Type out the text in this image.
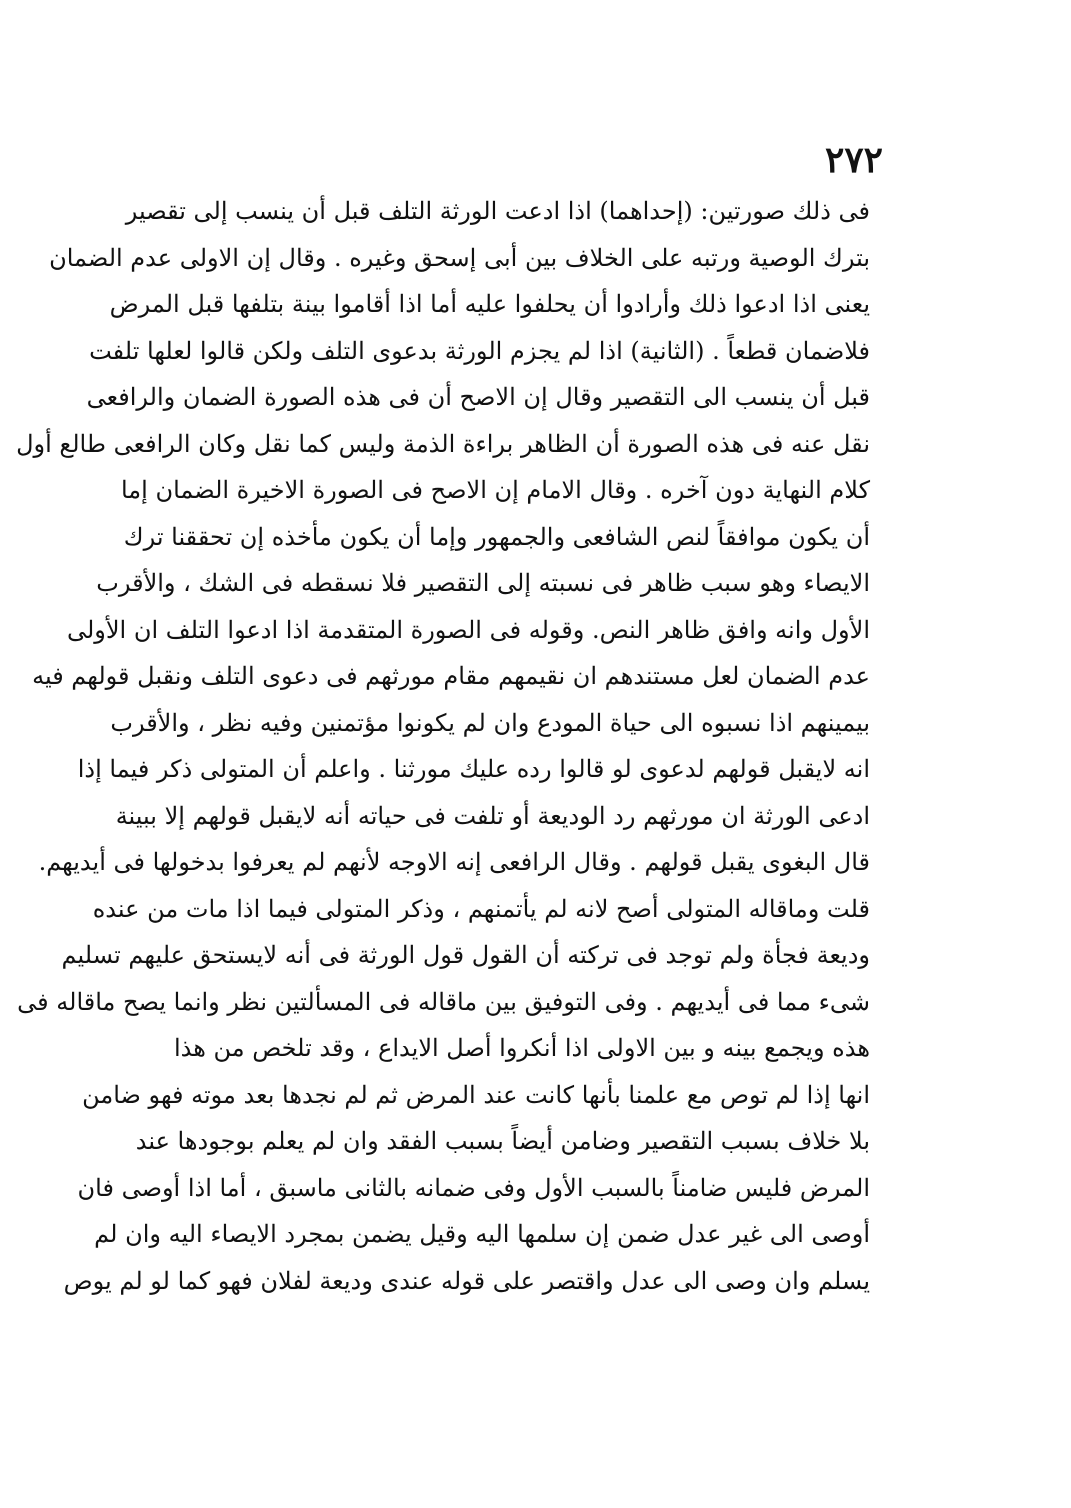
٢٧٢
فى ذلك صورتين: (إحداهما) اذا ادعت الورثة التلف قبل أن ينسب إلى تقصير
بترك الوصية ورتبه على الخلاف بين أبى إسحق وغيره . وقال إن الاولى عدم الضمان
يعنى اذا ادعوا ذلك وأرادوا أن يحلفوا عليه أما اذا أقاموا بينة بتلفها قبل المرض
فلاضمان قطعاً . (الثانية) اذا لم يجزم الورثة بدعوى التلف ولكن قالوا لعلها تلفت
قبل أن ينسب الى التقصير وقال إن الاصح أن فى هذه الصورة الضمان والرافعى
نقل عنه فى هذه الصورة أن الظاهر براءة الذمة وليس كما نقل وكان الرافعى طالع أول
كلام النهاية دون آخره . وقال الامام إن الاصح فى الصورة الاخيرة الضمان إما
أن يكون موافقاً لنص الشافعى والجمهور وإما أن يكون مأخذه إن تحققنا ترك
الايصاء وهو سبب ظاهر فى نسبته إلى التقصير فلا نسقطه فى الشك ، والأقرب
الأول وانه وافق ظاهر النص. وقوله فى الصورة المتقدمة اذا ادعوا التلف ان الأولى
عدم الضمان لعل مستندهم ان نقيمهم مقام مورثهم فى دعوى التلف ونقبل قولهم فيه
بيمينهم اذا نسبوه الى حياة المودع وان لم يكونوا مؤتمنين وفيه نظر ، والأقرب
انه لايقبل قولهم لدعوى لو قالوا رده عليك مورثنا . واعلم أن المتولى ذكر فيما إذا
ادعى الورثة ان مورثهم رد الوديعة أو تلفت فى حياته أنه لايقبل قولهم إلا ببينة
قال البغوى يقبل قولهم . وقال الرافعى إنه الاوجه لأنهم لم يعرفوا بدخولها فى أيديهم.
قلت وماقاله المتولى أصح لانه لم يأتمنهم ، وذكر المتولى فيما اذا مات من عنده
وديعة فجأة ولم توجد فى تركته أن القول قول الورثة فى أنه لايستحق عليهم تسليم
شىء مما فى أيديهم . وفى التوفيق بين ماقاله فى المسألتين نظر وانما يصح ماقاله فى
هذه ويجمع بينه و بين الاولى اذا أنكروا أصل الايداع ، وقد تلخص من هذا
انها إذا لم توص مع علمنا بأنها كانت عند المرض ثم لم نجدها بعد موته فهو ضامن
بلا خلاف بسبب التقصير وضامن أيضاً بسبب الفقد وان لم يعلم بوجودها عند
المرض فليس ضامناً بالسبب الأول وفى ضمانه بالثانى ماسبق ، أما اذا أوصى فان
أوصى الى غير عدل ضمن إن سلمها اليه وقيل يضمن بمجرد الايصاء اليه وان لم
يسلم وان وصى الى عدل واقتصر على قوله عندى وديعة لفلان فهو كما لو لم يوص
